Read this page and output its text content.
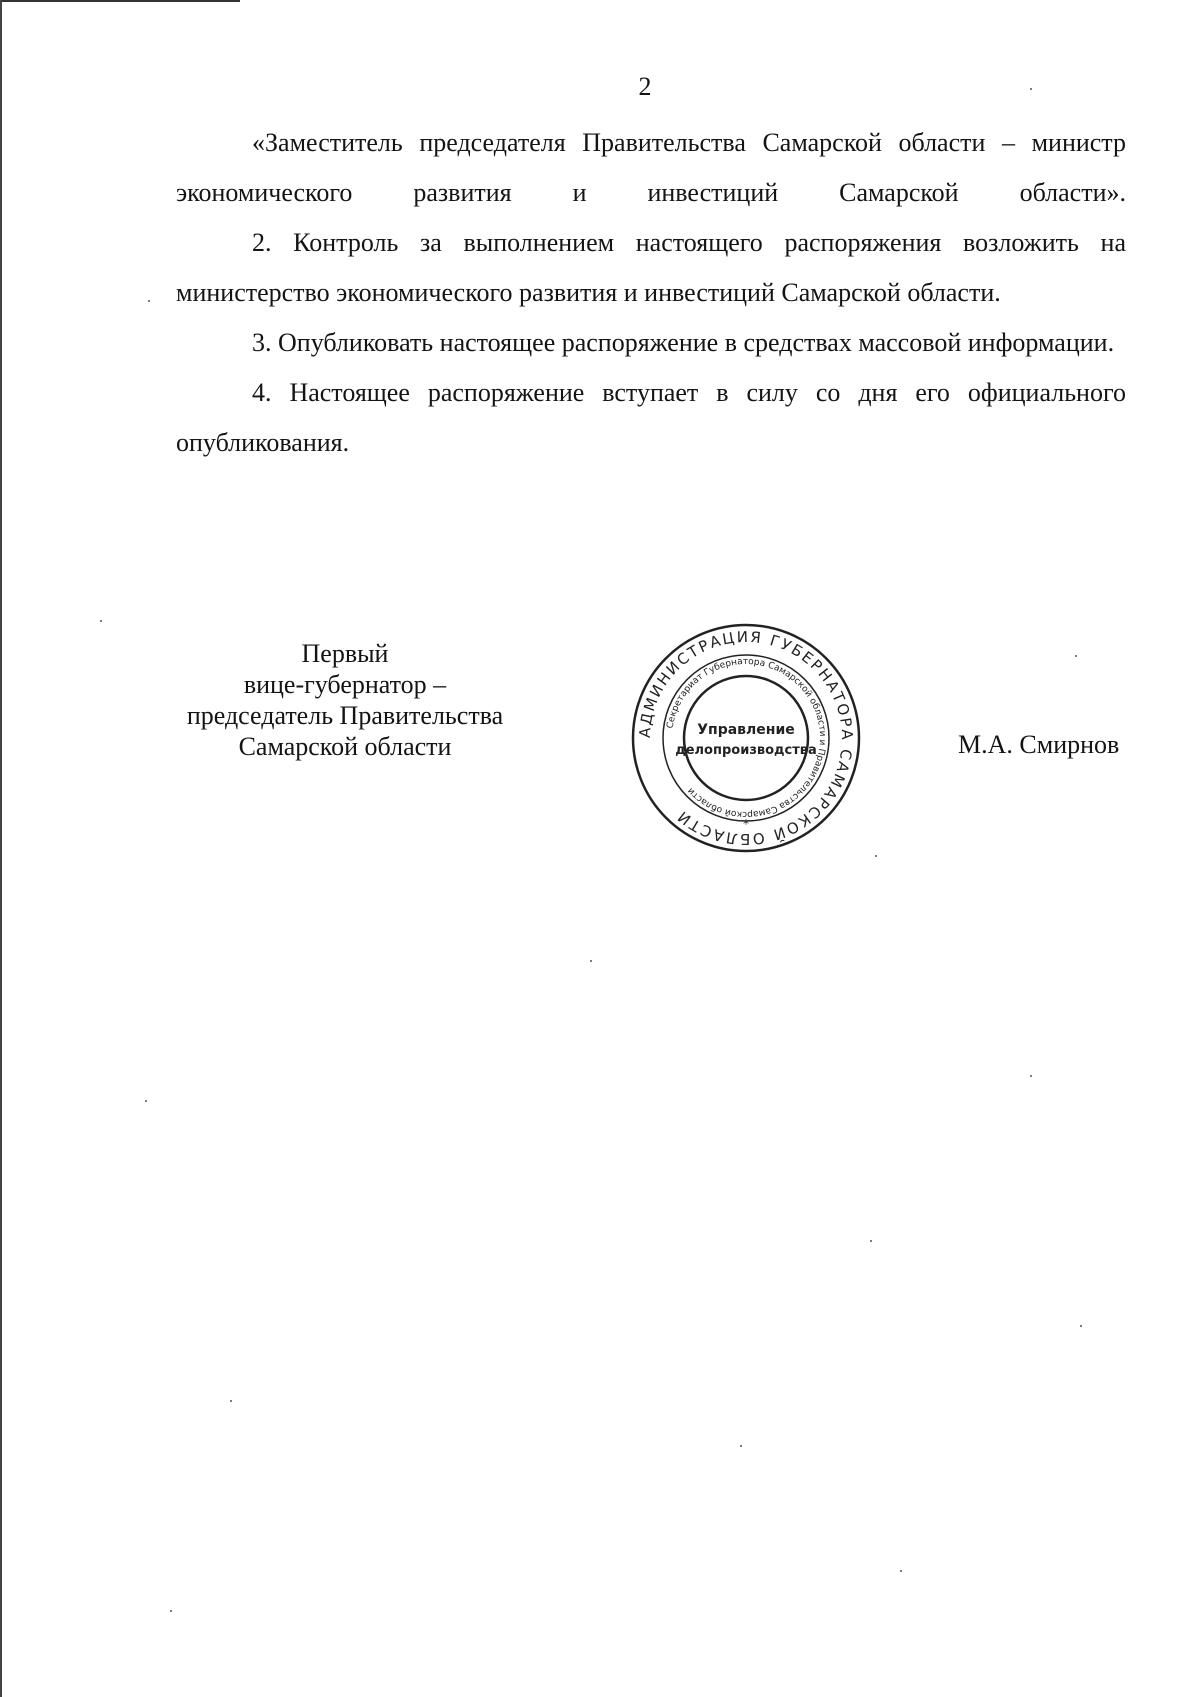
2

«Заместитель председателя Правительства Самарской области – министр экономического развития и инвестиций Самарской области».

2. Контроль за выполнением настоящего распоряжения возложить на министерство экономического развития и инвестиций Самарской области.

3. Опубликовать настоящее распоряжение в средствах массовой информации.

4. Настоящее распоряжение вступает в силу со дня его официального опубликования.

Первый
вице-губернатор –
председатель Правительства
Самарской области
АДМИНИСТРАЦИЯ ГУБЕРНАТОРА САМАРСКОЙ ОБЛАСТИ
Секретариат Губернатора Самарской области и Правительства Самарской области
*
Управление
делопроизводства	М.А. Смирнов
